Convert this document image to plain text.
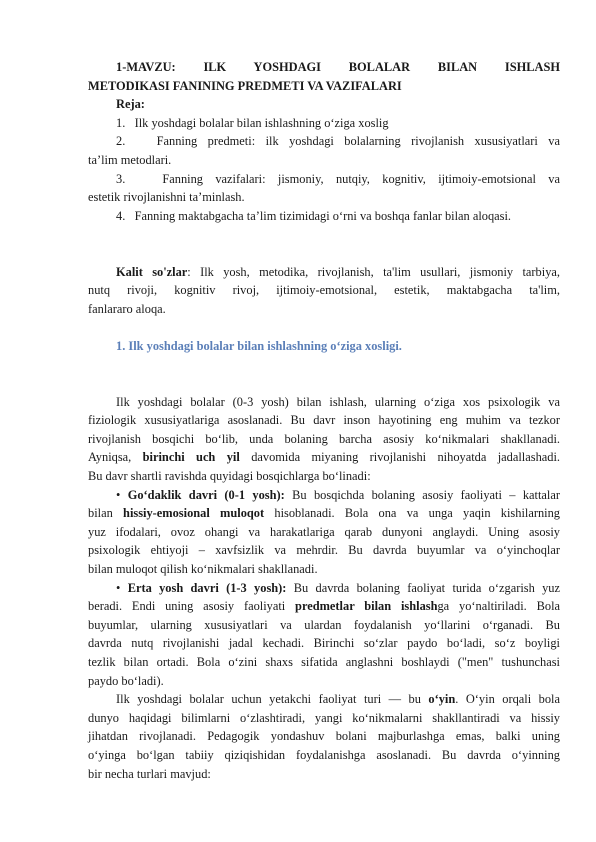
1-MAVZU: ILK YOSHDAGI BOLALAR BILAN ISHLASH

METODIKASI FANINING PREDMETI VA VAZIFALARI

Reja:

1. Ilk yoshdagi bolalar bilan ishlashning o‘ziga xoslig

2.	Fanning predmeti: ilk yoshdagi bolalarning rivojlanish xususiyatlari va

ta’lim metodlari.

3.	Fanning vazifalari: jismoniy, nutqiy, kognitiv, ijtimoiy-emotsional va

estetik rivojlanishni ta’minlash.

4. Fanning maktabgacha ta’lim tizimidagi o‘rni va boshqa fanlar bilan aloqasi.

Kalit so'zlar: Ilk yosh, metodika, rivojlanish, ta'lim usullari, jismoniy tarbiya,

nutq rivoji, kognitiv rivoj, ijtimoiy-emotsional, estetik, maktabgacha ta'lim,

fanlararo aloqa.

1. Ilk yoshdagi bolalar bilan ishlashning o‘ziga xosligi.

Ilk yoshdagi bolalar (0-3 yosh) bilan ishlash, ularning o‘ziga xos psixologik va

fiziologik xususiyatlariga asoslanadi. Bu davr inson hayotining eng muhim va tezkor

rivojlanish bosqichi bo‘lib, unda bolaning barcha asosiy ko‘nikmalari shakllanadi.

Ayniqsa, birinchi uch yil davomida miyaning rivojlanishi nihoyatda jadallashadi.

Bu davr shartli ravishda quyidagi bosqichlarga bo‘linadi:

• Go‘daklik davri (0-1 yosh): Bu bosqichda bolaning asosiy faoliyati – kattalar

bilan hissiy-emosional muloqot hisoblanadi. Bola ona va unga yaqin kishilarning

yuz ifodalari, ovoz ohangi va harakatlariga qarab dunyoni anglaydi. Uning asosiy

psixologik ehtiyoji – xavfsizlik va mehrdir. Bu davrda buyumlar va o‘yinchoqlar

bilan muloqot qilish ko‘nikmalari shakllanadi.

• Erta yosh davri (1-3 yosh): Bu davrda bolaning faoliyat turida o‘zgarish yuz

beradi. Endi uning asosiy faoliyati predmetlar bilan ishlashga yo‘naltiriladi. Bola

buyumlar, ularning xususiyatlari va ulardan foydalanish yo‘llarini o‘rganadi. Bu

davrda nutq rivojlanishi jadal kechadi. Birinchi so‘zlar paydo bo‘ladi, so‘z boyligi

tezlik bilan ortadi. Bola o‘zini shaxs sifatida anglashni boshlaydi ("men" tushunchasi

paydo bo‘ladi).

Ilk yoshdagi bolalar uchun yetakchi faoliyat turi — bu o‘yin. O‘yin orqali bola

dunyo haqidagi bilimlarni o‘zlashtiradi, yangi ko‘nikmalarni shakllantiradi va hissiy

jihatdan rivojlanadi. Pedagogik yondashuv bolani majburlashga emas, balki uning

o‘yinga bo‘lgan tabiiy qiziqishidan foydalanishga asoslanadi. Bu davrda o‘yinning

bir necha turlari mavjud:
